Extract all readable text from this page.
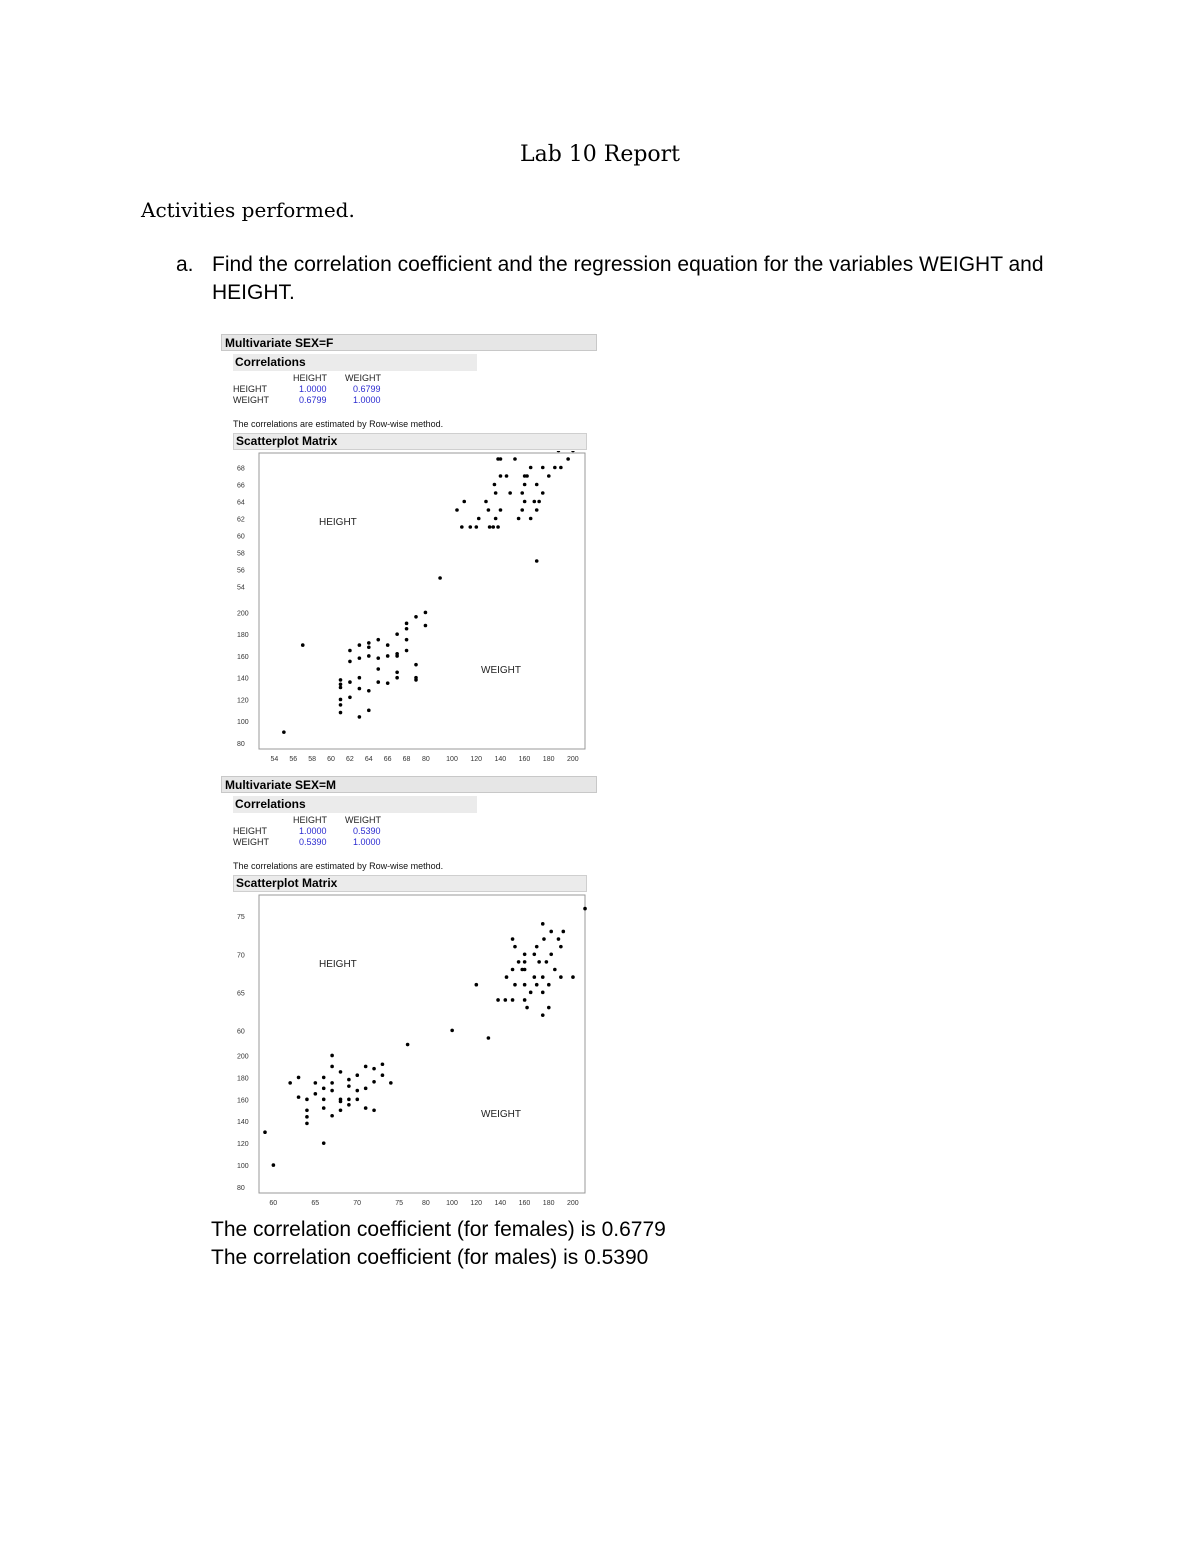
Lab 10 Report
Activities performed.
a. Find the correlation coefficient and the regression equation for the variables WEIGHT and HEIGHT.
Multivariate SEX=F
Correlations
HEIGHT WEIGHT
HEIGHT	1.0000	0.6799
WEIGHT	0.6799	1.0000
The correlations are estimated by Row-wise method.
Scatterplot Matrix
HEIGHT
WEIGHT
54
56
58
60
62
64
66
68
80
100
120
140
160
180
200
54 56 58 60 62 64 66 68 80 100 120 140 160 180 200
Multivariate SEX=M
Correlations
HEIGHT WEIGHT
HEIGHT	1.0000	0.5390
WEIGHT	0.5390	1.0000
The correlations are estimated by Row-wise method.
Scatterplot Matrix
HEIGHT
WEIGHT
60
65
70
75
80
100
120
140
160
180
200
60	65	70	75	80 100 120 140 160 180 200
The correlation coefficient (for females) is 0.6779
The correlation coefficient (for males) is 0.5390
